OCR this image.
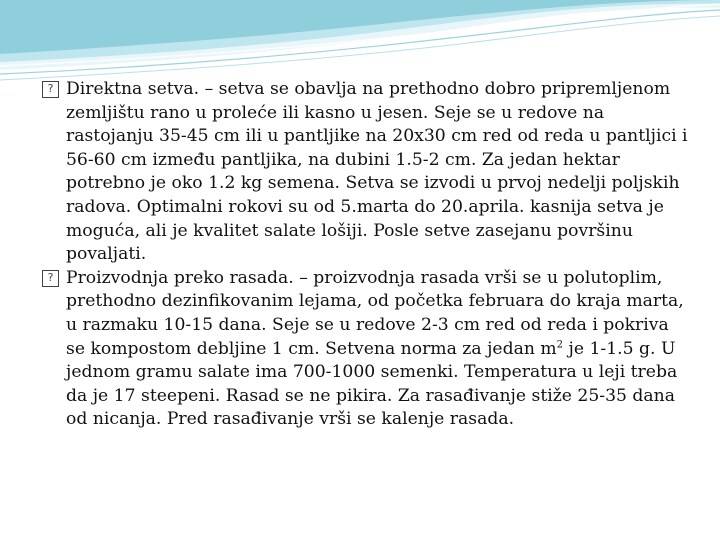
? Direktna setva. – setva se obavlja na prethodno dobro pripremljenom zemljištu rano u proleće ili kasno u jesen. Seje se u redove na rastojanju 35-45 cm ili u pantljike na 20x30 cm red od reda u pantljici i 56-60 cm između pantljika, na dubini 1.5-2 cm. Za jedan hektar potrebno je oko 1.2 kg semena. Setva se izvodi u prvoj nedelji poljskih radova. Optimalni rokovi su od 5.marta do 20.aprila. kasnija setva je moguća, ali je kvalitet salate lošiji. Posle setve zasejanu površinu povaljati.

? Proizvodnja preko rasada. – proizvodnja rasada vrši se u polutoplim, prethodno dezinfikovanim lejama, od početka februara do kraja marta, u razmaku 10-15 dana. Seje se u redove 2-3 cm red od reda i pokriva se kompostom debljine 1 cm. Setvena norma za jedan $m^2$ je 1-1.5 g. U jednom gramu salate ima 700-1000 semenki. Temperatura u leji treba da je 17 steepeni. Rasad se ne pikira. Za rasađivanje stiže 25-35 dana od nicanja. Pred rasađivanje vrši se kalenje rasada.
